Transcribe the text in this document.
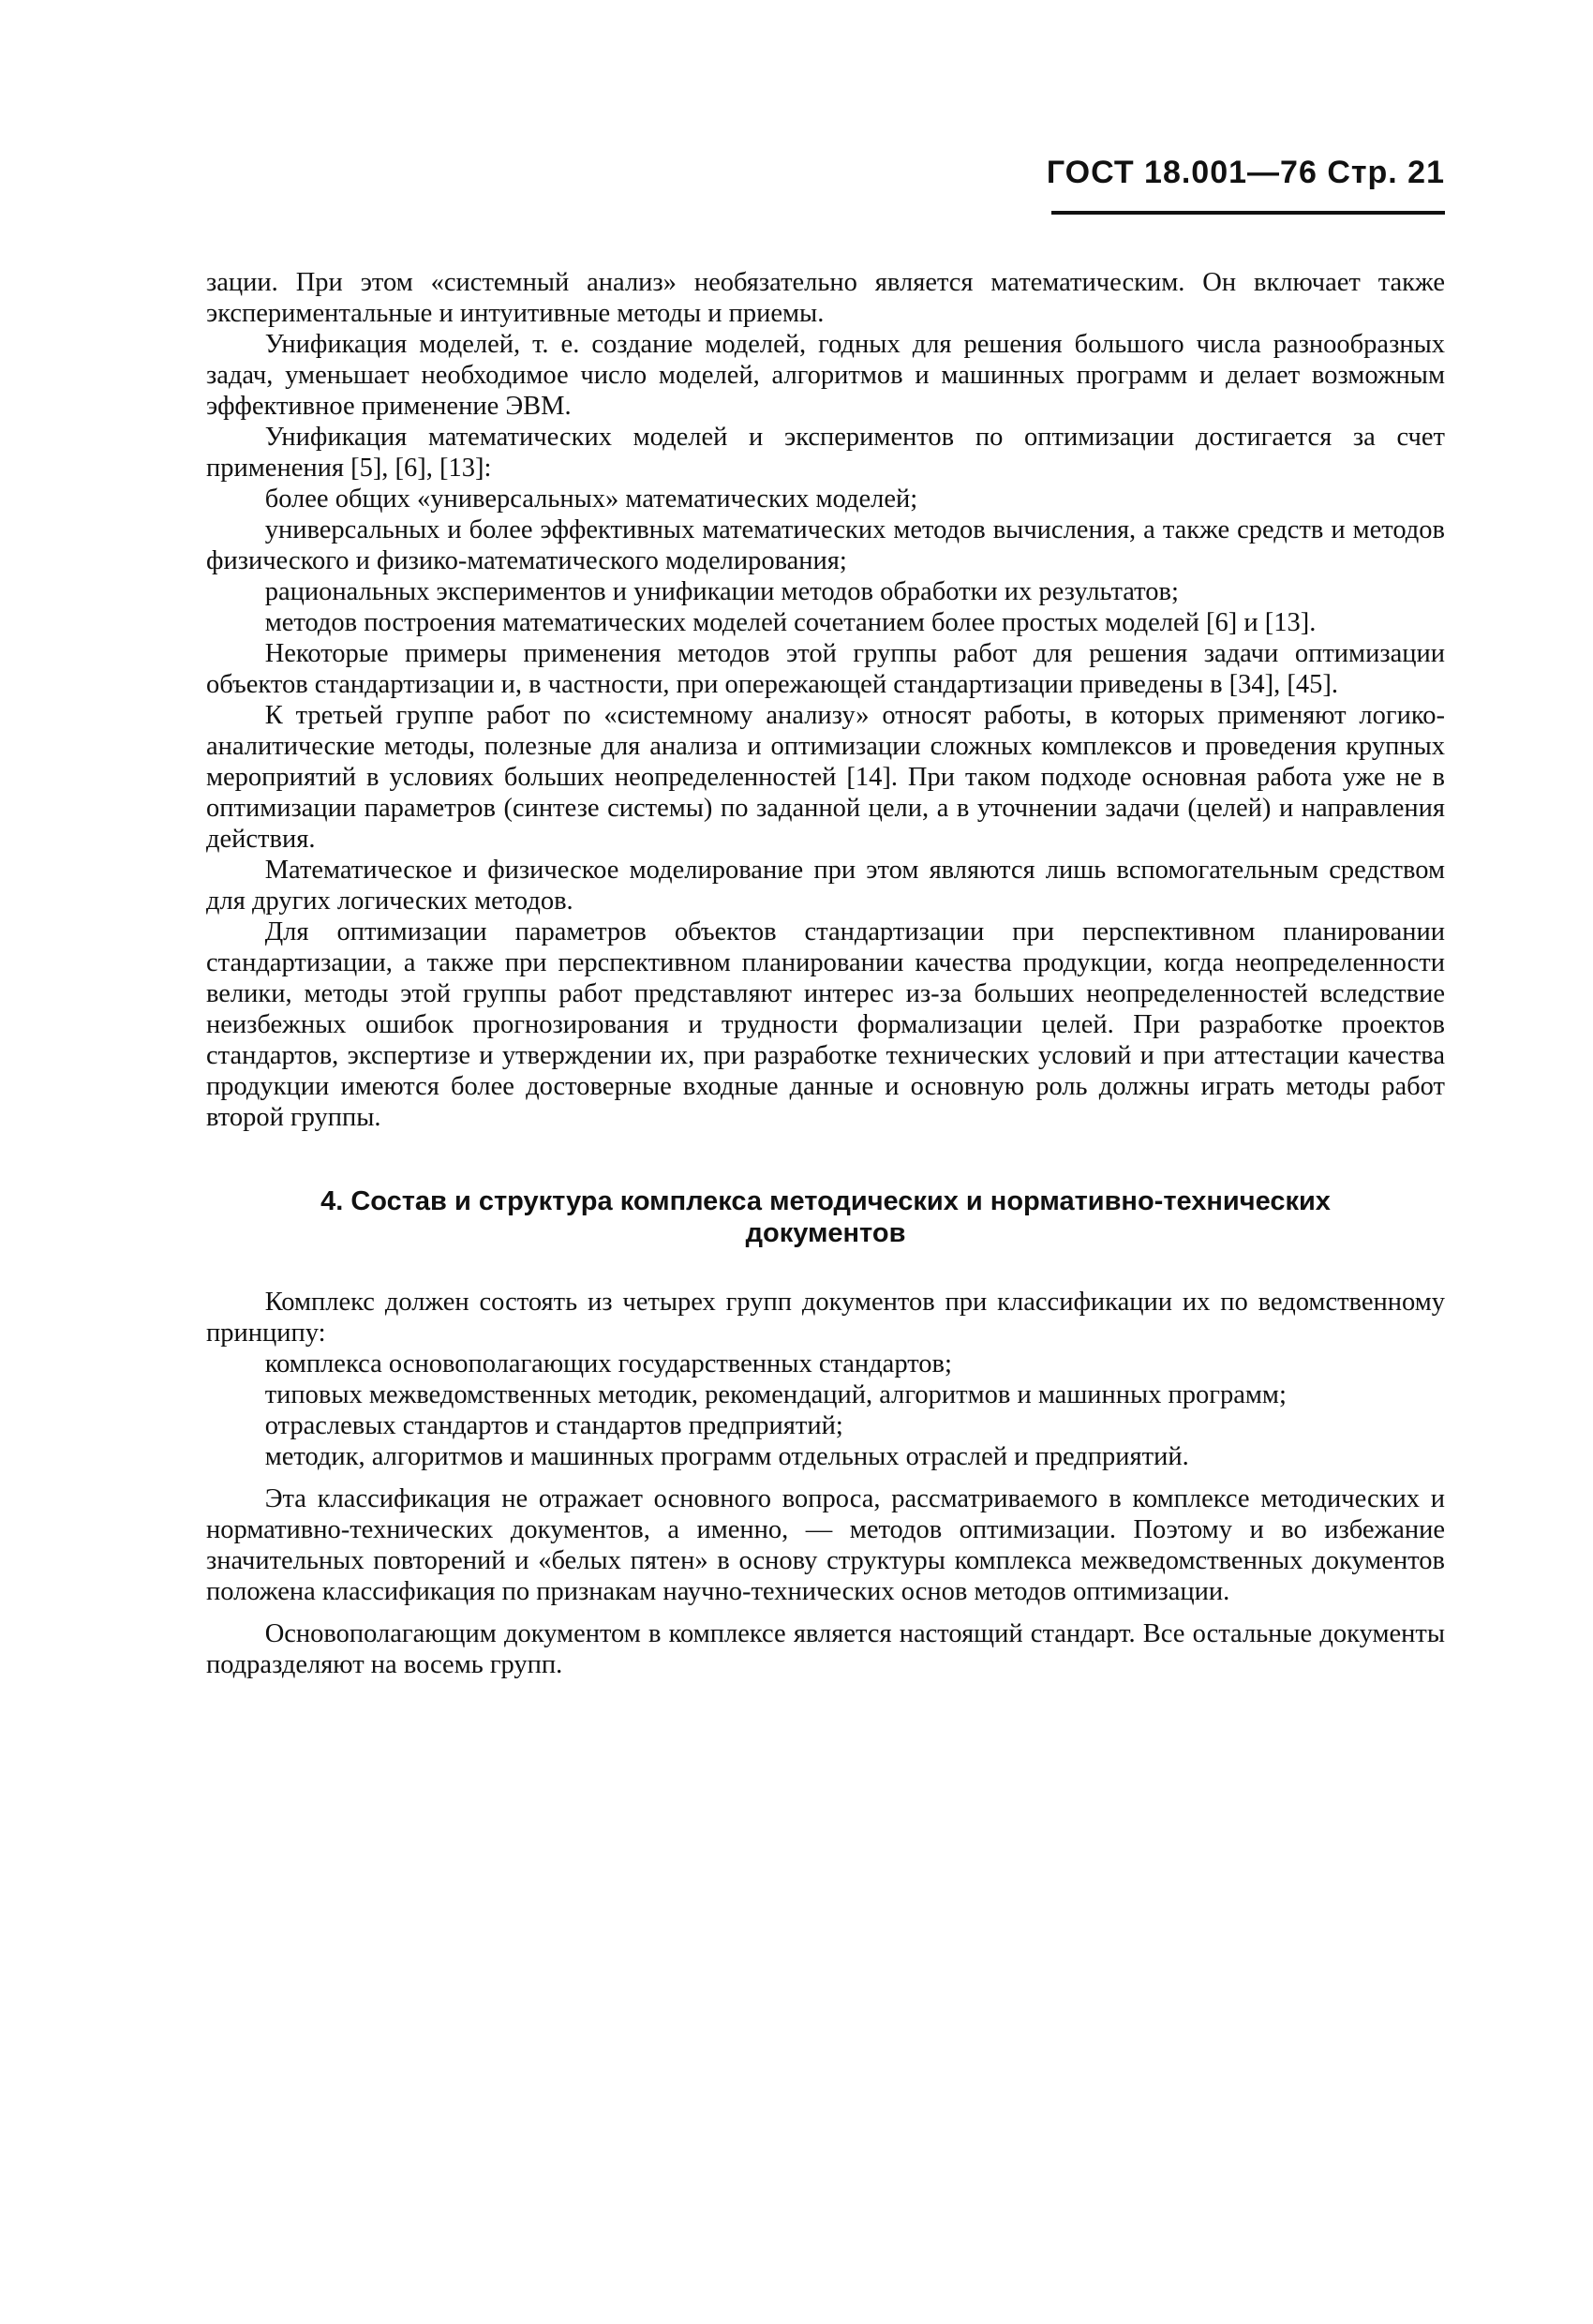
ГОСТ 18.001—76 Стр. 21

зации. При этом «системный анализ» необязательно является математическим. Он включает также экспериментальные и интуитивные методы и приемы.

Унификация моделей, т. е. создание моделей, годных для решения большого числа разнообразных задач, уменьшает необходимое число моделей, алгоритмов и машинных программ и делает возможным эффективное применение ЭВМ.

Унификация математических моделей и экспериментов по оптимизации достигается за счет применения [5], [6], [13]:

более общих «универсальных» математических моделей;

универсальных и более эффективных математических методов вычисления, а также средств и методов физического и физико-математического моделирования;

рациональных экспериментов и унификации методов обработки их результатов;

методов построения математических моделей сочетанием более простых моделей [6] и [13].

Некоторые примеры применения методов этой группы работ для решения задачи оптимизации объектов стандартизации и, в частности, при опережающей стандартизации приведены в [34], [45].

К третьей группе работ по «системному анализу» относят работы, в которых применяют логико-аналитические методы, полезные для анализа и оптимизации сложных комплексов и проведения крупных мероприятий в условиях больших неопределенностей [14]. При таком подходе основная работа уже не в оптимизации параметров (синтезе системы) по заданной цели, а в уточнении задачи (целей) и направления действия.

Математическое и физическое моделирование при этом являются лишь вспомогательным средством для других логических методов.

Для оптимизации параметров объектов стандартизации при перспективном планировании стандартизации, а также при перспективном планировании качества продукции, когда неопределенности велики, методы этой группы работ представляют интерес из-за больших неопределенностей вследствие неизбежных ошибок прогнозирования и трудности формализации целей. При разработке проектов стандартов, экспертизе и утверждении их, при разработке технических условий и при аттестации качества продукции имеются более достоверные входные данные и основную роль должны играть методы работ второй группы.

4. Состав и структура комплекса методических и нормативно-технических документов

Комплекс должен состоять из четырех групп документов при классификации их по ведомственному принципу:

комплекса основополагающих государственных стандартов;

типовых межведомственных методик, рекомендаций, алгоритмов и машинных программ;

отраслевых стандартов и стандартов предприятий;

методик, алгоритмов и машинных программ отдельных отраслей и предприятий.

Эта классификация не отражает основного вопроса, рассматриваемого в комплексе методических и нормативно-технических документов, а именно, — методов оптимизации. Поэтому и во избежание значительных повторений и «белых пятен» в основу структуры комплекса межведомственных документов положена классификация по признакам научно-технических основ методов оптимизации.

Основополагающим документом в комплексе является настоящий стандарт. Все остальные документы подразделяют на восемь групп.
